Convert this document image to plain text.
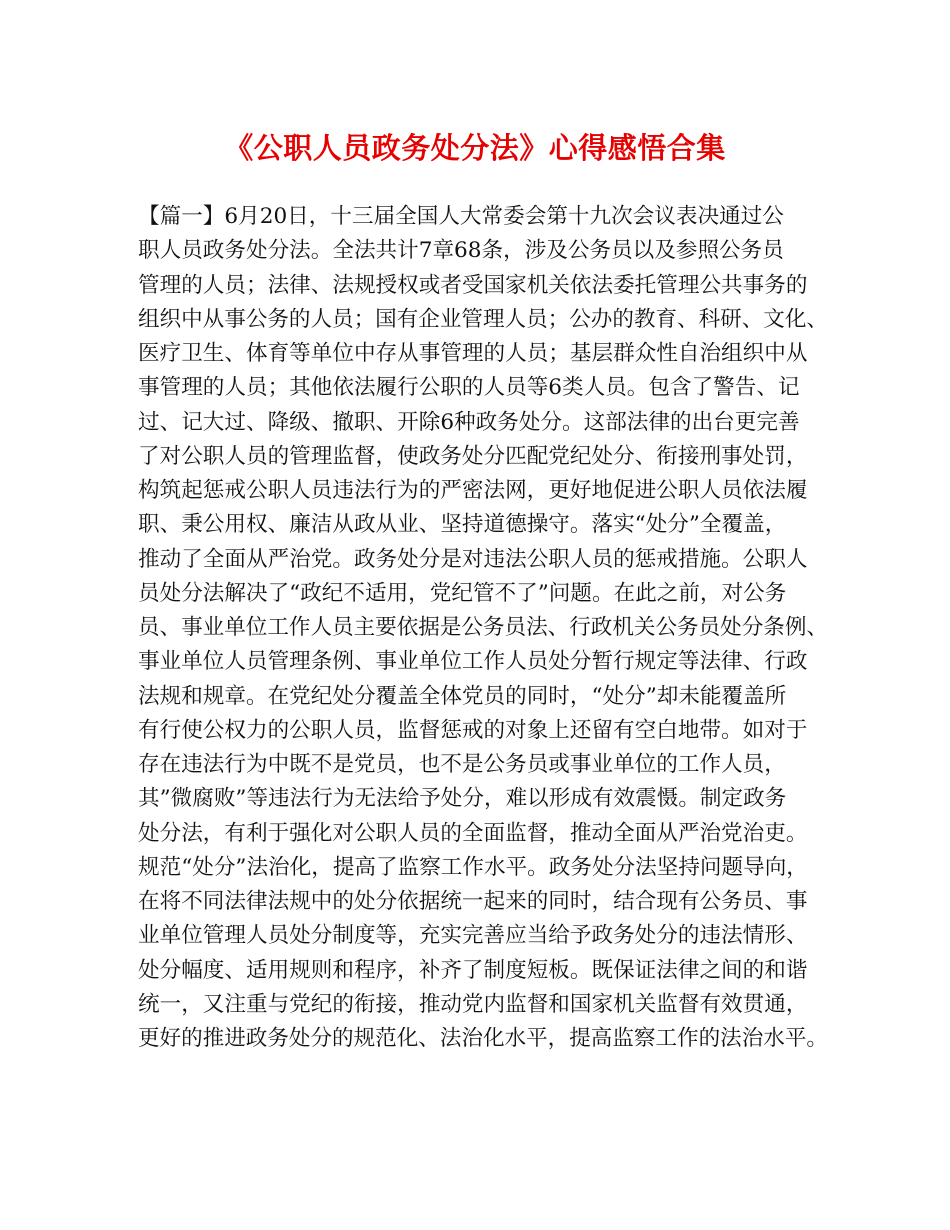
《公职人员政务处分法》心得感悟合集
【篇一】6月20日，十三届全国人大常委会第十九次会议表决通过公
职人员政务处分法。全法共计7章68条，涉及公务员以及参照公务员
管理的人员；法律、法规授权或者受国家机关依法委托管理公共事务的
组织中从事公务的人员；国有企业管理人员；公办的教育、科研、文化、
医疗卫生、体育等单位中存从事管理的人员；基层群众性自治组织中从
事管理的人员；其他依法履行公职的人员等6类人员。包含了警告、记
过、记大过、降级、撤职、开除6种政务处分。这部法律的出台更完善
了对公职人员的管理监督，使政务处分匹配党纪处分、衔接刑事处罚，
构筑起惩戒公职人员违法行为的严密法网，更好地促进公职人员依法履
职、秉公用权、廉洁从政从业、坚持道德操守。落实“处分”全覆盖，
推动了全面从严治党。政务处分是对违法公职人员的惩戒措施。公职人
员处分法解决了“政纪不适用，党纪管不了”问题。在此之前，对公务
员、事业单位工作人员主要依据是公务员法、行政机关公务员处分条例、
事业单位人员管理条例、事业单位工作人员处分暂行规定等法律、行政
法规和规章。在党纪处分覆盖全体党员的同时，“处分”却未能覆盖所
有行使公权力的公职人员，监督惩戒的对象上还留有空白地带。如对于
存在违法行为中既不是党员，也不是公务员或事业单位的工作人员，
其”微腐败”等违法行为无法给予处分，难以形成有效震慑。制定政务
处分法，有利于强化对公职人员的全面监督，推动全面从严治党治吏。
规范“处分”法治化，提高了监察工作水平。政务处分法坚持问题导向，
在将不同法律法规中的处分依据统一起来的同时，结合现有公务员、事
业单位管理人员处分制度等，充实完善应当给予政务处分的违法情形、
处分幅度、适用规则和程序，补齐了制度短板。既保证法律之间的和谐
统一，又注重与党纪的衔接，推动党内监督和国家机关监督有效贯通，
更好的推进政务处分的规范化、法治化水平，提高监察工作的法治水平。
